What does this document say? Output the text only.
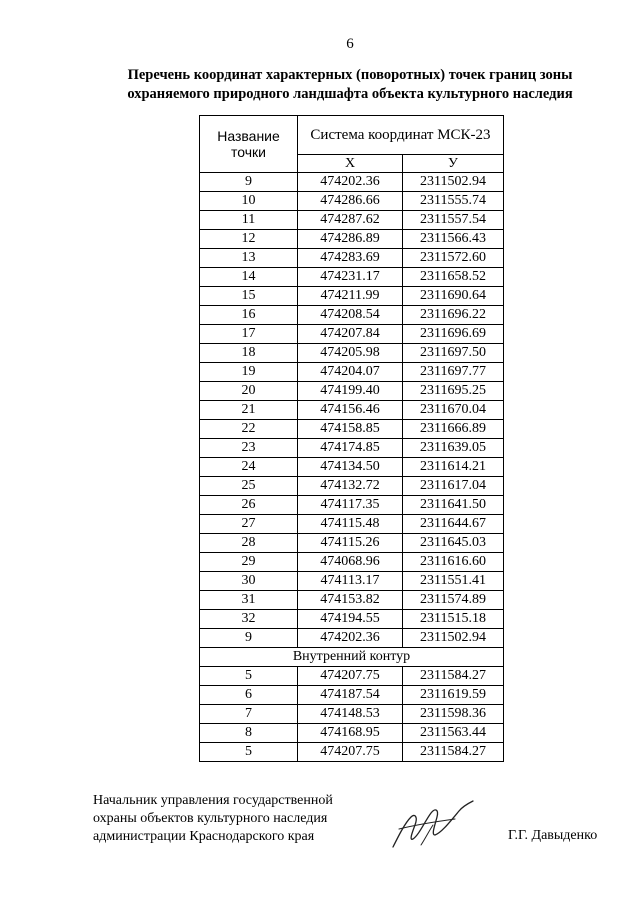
6
Перечень координат характерных (поворотных) точек границ зоны
охраняемого природного ландшафта объекта культурного наследия
Название точки	Система координат МСК-23	
	Х	У
9	474202.36	2311502.94
10	474286.66	2311555.74
11	474287.62	2311557.54
12	474286.89	2311566.43
13	474283.69	2311572.60
14	474231.17	2311658.52
15	474211.99	2311690.64
16	474208.54	2311696.22
17	474207.84	2311696.69
18	474205.98	2311697.50
19	474204.07	2311697.77
20	474199.40	2311695.25
21	474156.46	2311670.04
22	474158.85	2311666.89
23	474174.85	2311639.05
24	474134.50	2311614.21
25	474132.72	2311617.04
26	474117.35	2311641.50
27	474115.48	2311644.67
28	474115.26	2311645.03
29	474068.96	2311616.60
30	474113.17	2311551.41
31	474153.82	2311574.89
32	474194.55	2311515.18
9	474202.36	2311502.94
Внутренний контур		
5	474207.75	2311584.27
6	474187.54	2311619.59
7	474148.53	2311598.36
8	474168.95	2311563.44
5	474207.75	2311584.27
Начальник управления государственной
охраны объектов культурного наследия
администрации Краснодарского края	Г.Г. Давыденко
